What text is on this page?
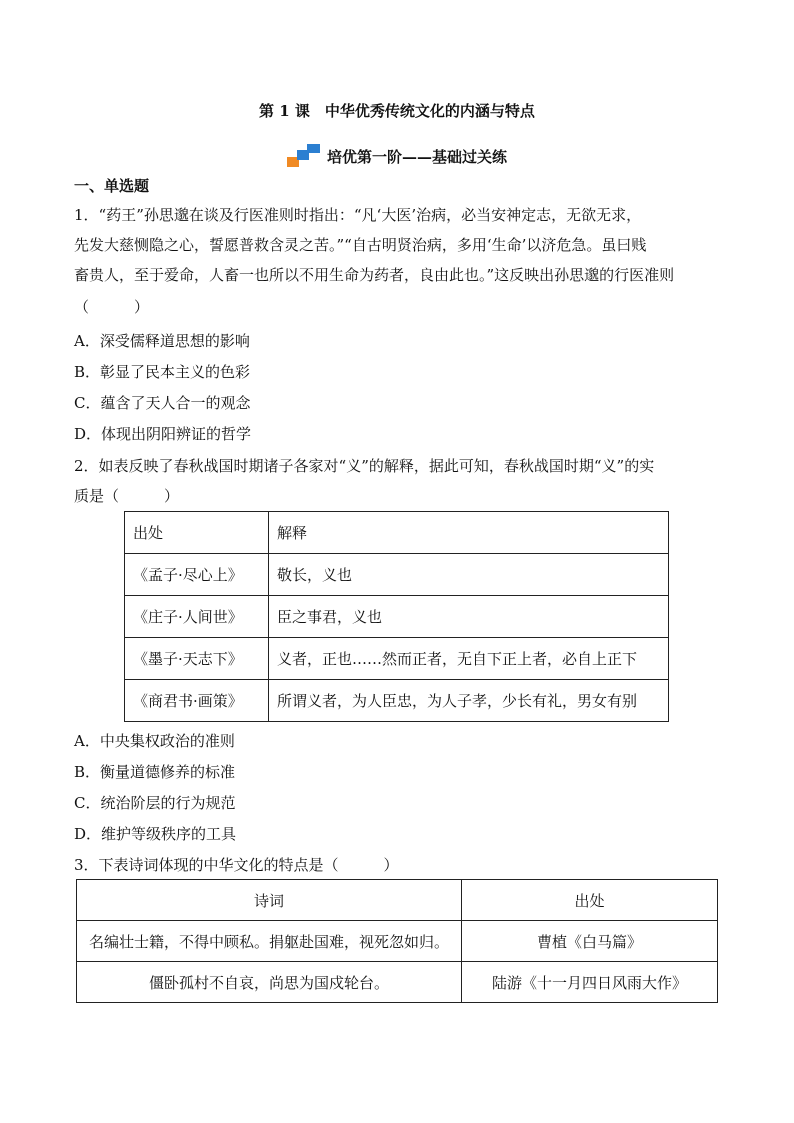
第 1 课　中华优秀传统文化的内涵与特点
培优第一阶——基础过关练
一、单选题
1．“药王”孙思邈在谈及行医准则时指出：“凡‘大医’治病，必当安神定志，无欲无求，
先发大慈恻隐之心，誓愿普救含灵之苦。”“自古明贤治病，多用‘生命’以济危急。虽曰贱
畜贵人，至于爱命，人畜一也所以不用生命为药者，良由此也。”这反映出孙思邈的行医准则
（　　　）
A．深受儒释道思想的影响
B．彰显了民本主义的色彩
C．蕴含了天人合一的观念
D．体现出阴阳辨证的哲学
2．如表反映了春秋战国时期诸子各家对“义”的解释，据此可知，春秋战国时期“义”的实
质是（　　　）
出处	解释
《孟子·尽心上》	敬长，义也
《庄子·人间世》	臣之事君，义也
《墨子·天志下》	义者，正也……然而正者，无自下正上者，必自上正下
《商君书·画策》	所谓义者，为人臣忠，为人子孝，少长有礼，男女有别
A．中央集权政治的准则
B．衡量道德修养的标准
C．统治阶层的行为规范
D．维护等级秩序的工具
3．下表诗词体现的中华文化的特点是（　　　）
诗词	出处
名编壮士籍，不得中顾私。捐躯赴国难，视死忽如归。	曹植《白马篇》
僵卧孤村不自哀，尚思为国戍轮台。	陆游《十一月四日风雨大作》
